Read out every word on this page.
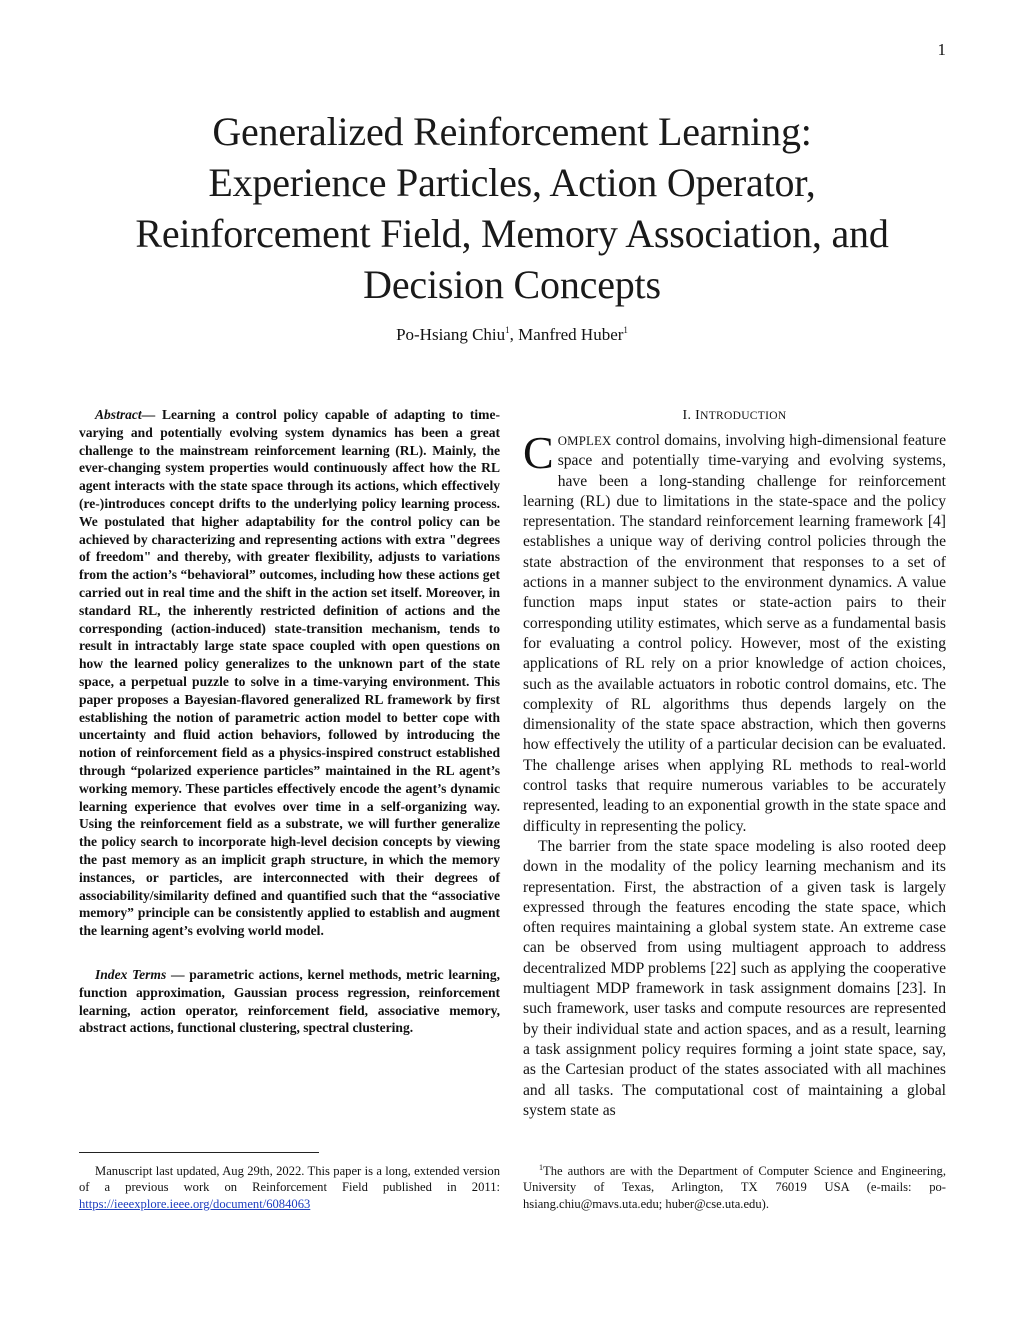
1
Generalized Reinforcement Learning:
Experience Particles, Action Operator,
Reinforcement Field, Memory Association, and
Decision Concepts
Po-Hsiang Chiu$^1$, Manfred Huber$^1$

Abstract— Learning a control policy capable of adapting to time-varying and potentially evolving system dynamics has been a great challenge to the mainstream reinforcement learning (RL). Mainly, the ever-changing system properties would continuously affect how the RL agent interacts with the state space through its actions, which effectively (re-)introduces concept drifts to the underlying policy learning process. We postulated that higher adaptability for the control policy can be achieved by characterizing and representing actions with extra "degrees of freedom" and thereby, with greater flexibility, adjusts to variations from the action’s “behavioral” outcomes, including how these actions get carried out in real time and the shift in the action set itself. Moreover, in standard RL, the inherently restricted definition of actions and the corresponding (action-induced) state-transition mechanism, tends to result in intractably large state space coupled with open questions on how the learned policy generalizes to the unknown part of the state space, a perpetual puzzle to solve in a time-varying environment. This paper proposes a Bayesian-flavored generalized RL framework by first establishing the notion of parametric action model to better cope with uncertainty and fluid action behaviors, followed by introducing the notion of reinforcement field as a physics-inspired construct established through “polarized experience particles” maintained in the RL agent’s working memory. These particles effectively encode the agent’s dynamic learning experience that evolves over time in a self-organizing way. Using the reinforcement field as a substrate, we will further generalize the policy search to incorporate high-level decision concepts by viewing the past memory as an implicit graph structure, in which the memory instances, or particles, are interconnected with their degrees of associability/similarity defined and quantified such that the “associative memory” principle can be consistently applied to establish and augment the learning agent’s evolving world model.

Index Terms — parametric actions, kernel methods, metric learning, function approximation, Gaussian process regression, reinforcement learning, action operator, reinforcement field, associative memory, abstract actions, functional clustering, spectral clustering.

I. INTRODUCTION

COMPLEX control domains, involving high-dimensional feature space and potentially time-varying and evolving systems, have been a long-standing challenge for reinforcement learning (RL) due to limitations in the state-space and the policy representation. The standard reinforcement learning framework [4] establishes a unique way of deriving control policies through the state abstraction of the environment that responses to a set of actions in a manner subject to the environment dynamics. A value function maps input states or state-action pairs to their corresponding utility estimates, which serve as a fundamental basis for evaluating a control policy. However, most of the existing applications of RL rely on a prior knowledge of action choices, such as the available actuators in robotic control domains, etc. The complexity of RL algorithms thus depends largely on the dimensionality of the state space abstraction, which then governs how effectively the utility of a particular decision can be evaluated. The challenge arises when applying RL methods to real-world control tasks that require numerous variables to be accurately represented, leading to an exponential growth in the state space and difficulty in representing the policy.

The barrier from the state space modeling is also rooted deep down in the modality of the policy learning mechanism and its representation. First, the abstraction of a given task is largely expressed through the features encoding the state space, which often requires maintaining a global system state. An extreme case can be observed from using multiagent approach to address decentralized MDP problems [22] such as applying the cooperative multiagent MDP framework in task assignment domains [23]. In such framework, user tasks and compute resources are represented by their individual state and action spaces, and as a result, learning a task assignment policy requires forming a joint state space, say, as the Cartesian product of the states associated with all machines and all tasks. The computational cost of maintaining a global system state as

Manuscript last updated, Aug 29th, 2022. This paper is a long, extended version of a previous work on Reinforcement Field published in 2011: https://ieeexplore.ieee.org/document/6084063

$^1$The authors are with the Department of Computer Science and Engineering, University of Texas, Arlington, TX 76019 USA (e-mails: po-hsiang.chiu@mavs.uta.edu; huber@cse.uta.edu).
